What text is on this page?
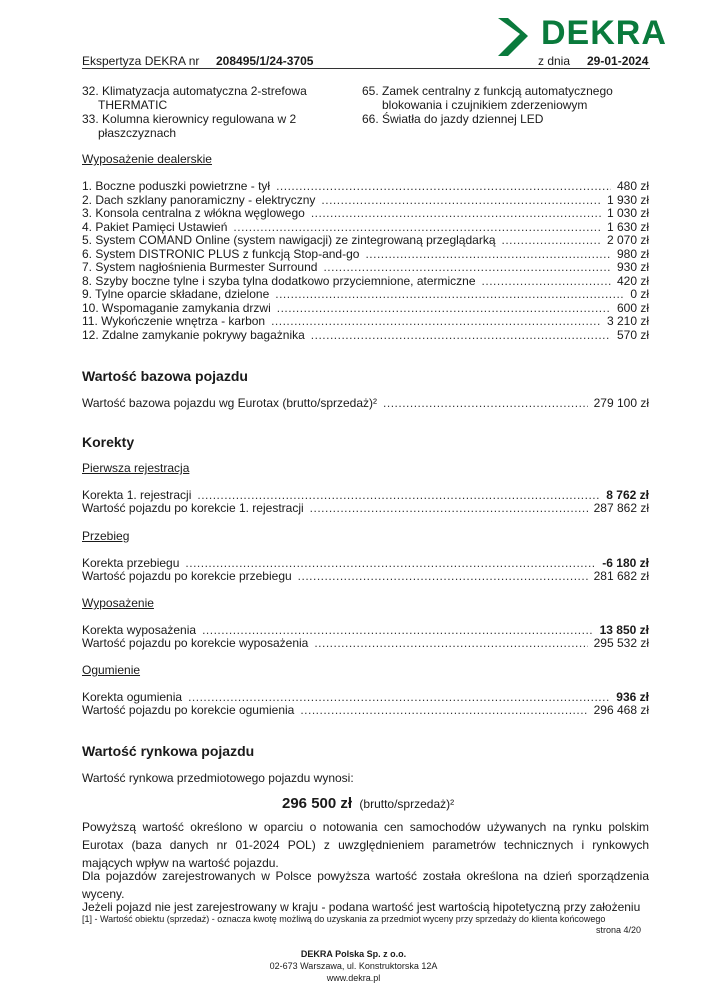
Ekspertyza DEKRA nr 208495/1/24-3705	z dnia 29-01-2024
DEKRA
32. Klimatyzacja automatyczna 2-strefowa
THERMATIC
33. Kolumna kierownicy regulowana w 2
płaszczyznach
65. Zamek centralny z funkcją automatycznego
blokowania i czujnikiem zderzeniowym
66. Światła do jazdy dziennej LED
Wyposażenie dealerskie
1. Boczne poduszki powietrzne - tył .....	480 zł
2. Dach szklany panoramiczny - elektryczny .....	1 930 zł
3. Konsola centralna z włókna węglowego .....	1 030 zł
4. Pakiet Pamięci Ustawień .....	1 630 zł
5. System COMAND Online (system nawigacji) ze zintegrowaną przeglądarką .....	2 070 zł
6. System DISTRONIC PLUS z funkcją Stop-and-go .....	980 zł
7. System nagłośnienia Burmester Surround .....	930 zł
8. Szyby boczne tylne i szyba tylna dodatkowo przyciemnione, atermiczne .....	420 zł
9. Tylne oparcie składane, dzielone .....	0 zł
10. Wspomaganie zamykania drzwi .....	600 zł
11. Wykończenie wnętrza - karbon .....	3 210 zł
12. Zdalne zamykanie pokrywy bagażnika .....	570 zł
Wartość bazowa pojazdu
Wartość bazowa pojazdu wg Eurotax (brutto/sprzedaż)² .....	279 100 zł
Korekty
Pierwsza rejestracja
Korekta 1. rejestracji .....	8 762 zł
Wartość pojazdu po korekcie 1. rejestracji .....	287 862 zł
Przebieg
Korekta przebiegu .....	-6 180 zł
Wartość pojazdu po korekcie przebiegu .....	281 682 zł
Wyposażenie
Korekta wyposażenia .....	13 850 zł
Wartość pojazdu po korekcie wyposażenia .....	295 532 zł
Ogumienie
Korekta ogumienia .....	936 zł
Wartość pojazdu po korekcie ogumienia .....	296 468 zł
Wartość rynkowa pojazdu
Wartość rynkowa przedmiotowego pojazdu wynosi:
296 500 zł (brutto/sprzedaż)²
Powyższą wartość określono w oparciu o notowania cen samochodów używanych na rynku polskim Eurotax (baza danych nr 01-2024 POL) z uwzględnieniem parametrów technicznych i rynkowych mających wpływ na wartość pojazdu.
Dla pojazdów zarejestrowanych w Polsce powyższa wartość została określona na dzień sporządzenia wyceny.
Jeżeli pojazd nie jest zarejestrowany w kraju - podana wartość jest wartością hipotetyczną przy założeniu
[1] - Wartość obiektu (sprzedaż) - oznacza kwotę możliwą do uzyskania za przedmiot wyceny przy sprzedaży do klienta końcowego
strona 4/20
DEKRA Polska Sp. z o.o.
02-673 Warszawa, ul. Konstruktorska 12A
www.dekra.pl
